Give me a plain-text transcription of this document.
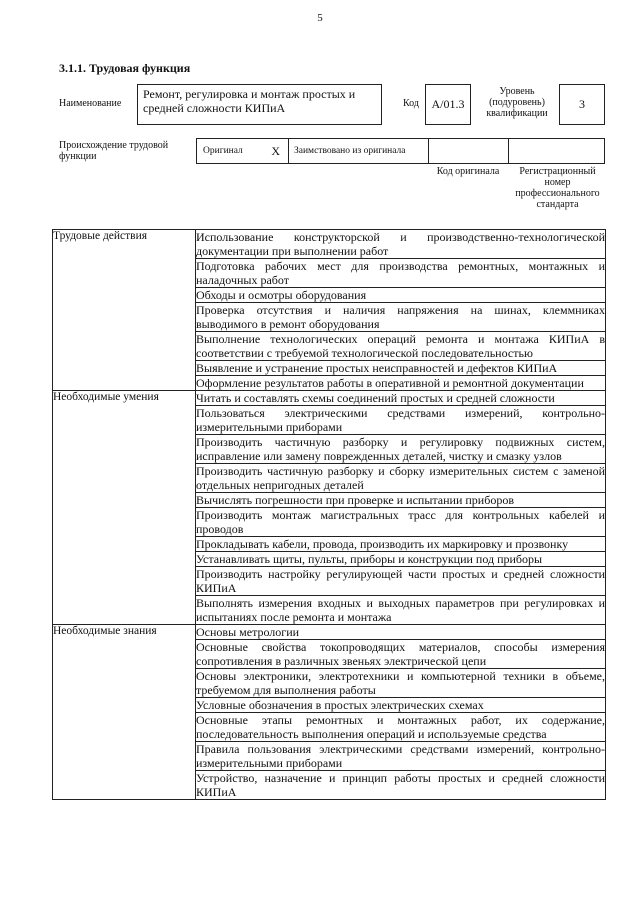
5
3.1.1. Трудовая функция
Наименование
Ремонт, регулировка и монтаж простых и средней сложности КИПиА	Код	А/01.3
Уровень (подуровень) квалификации
3
Происхождение трудовой функции	Оригинал X Заимствовано из оригинала
Код оригинала	Регистрационный номер профессионального стандарта
Трудовые действия	Использование конструкторской и производственно-технологической документации при выполнении работ
	Подготовка рабочих мест для производства ремонтных, монтажных и наладочных работ
	Обходы и осмотры оборудования
	Проверка отсутствия и наличия напряжения на шинах, клеммниках выводимого в ремонт оборудования
	Выполнение технологических операций ремонта и монтажа КИПиА в соответствии с требуемой технологической последовательностью
	Выявление и устранение простых неисправностей и дефектов КИПиА
	Оформление результатов работы в оперативной и ремонтной документации
Необходимые умения	Читать и составлять схемы соединений простых и средней сложности
	Пользоваться электрическими средствами измерений, контрольно-измерительными приборами
	Производить частичную разборку и регулировку подвижных систем, исправление или замену поврежденных деталей, чистку и смазку узлов
	Производить частичную разборку и сборку измерительных систем с заменой отдельных непригодных деталей
	Вычислять погрешности при проверке и испытании приборов
	Производить монтаж магистральных трасс для контрольных кабелей и проводов
	Прокладывать кабели, провода, производить их маркировку и прозвонку
	Устанавливать щиты, пульты, приборы и конструкции под приборы
	Производить настройку регулирующей части простых и средней сложности КИПиА
	Выполнять измерения входных и выходных параметров при регулировках и испытаниях после ремонта и монтажа
Необходимые знания	Основы метрологии
	Основные свойства токопроводящих материалов, способы измерения сопротивления в различных звеньях электрической цепи
	Основы электроники, электротехники и компьютерной техники в объеме, требуемом для выполнения работы
	Условные обозначения в простых электрических схемах
	Основные этапы ремонтных и монтажных работ, их содержание, последовательность выполнения операций и используемые средства
	Правила пользования электрическими средствами измерений, контрольно-измерительными приборами
	Устройство, назначение и принцип работы простых и средней сложности КИПиА
